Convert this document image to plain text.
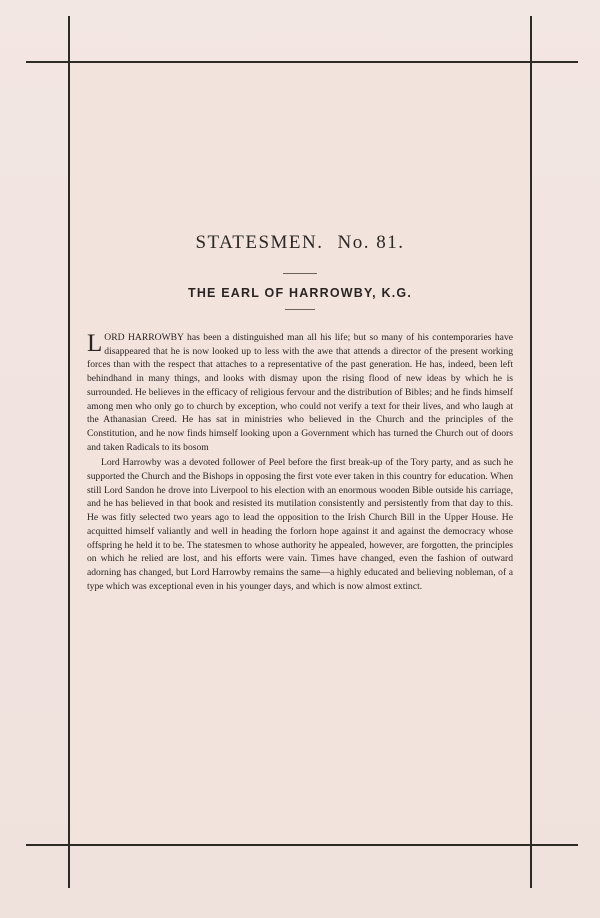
STATESMEN. No. 81.
THE EARL OF HARROWBY, K.G.

LORD HARROWBY has been a distinguished man all his life; but so many of his contemporaries have disappeared that he is now looked up to less with the awe that attends a director of the present working forces than with the respect that attaches to a representative of the past generation. He has, indeed, been left behindhand in many things, and looks with dismay upon the rising flood of new ideas by which he is surrounded. He believes in the efficacy of religious fervour and the distribution of Bibles; and he finds himself among men who only go to church by exception, who could not verify a text for their lives, and who laugh at the Athanasian Creed. He has sat in ministries who believed in the Church and the principles of the Constitution, and he now finds himself looking upon a Government which has turned the Church out of doors and taken Radicals to its bosom

Lord Harrowby was a devoted follower of Peel before the first break-up of the Tory party, and as such he supported the Church and the Bishops in opposing the first vote ever taken in this country for education. When still Lord Sandon he drove into Liverpool to his election with an enormous wooden Bible outside his carriage, and he has believed in that book and resisted its mutilation consistently and persistently from that day to this. He was fitly selected two years ago to lead the opposition to the Irish Church Bill in the Upper House. He acquitted himself valiantly and well in heading the forlorn hope against it and against the democracy whose offspring he held it to be. The statesmen to whose authority he appealed, however, are forgotten, the principles on which he relied are lost, and his efforts were vain. Times have changed, even the fashion of outward adorning has changed, but Lord Harrowby remains the same—a highly educated and believing nobleman, of a type which was exceptional even in his younger days, and which is now almost extinct.
